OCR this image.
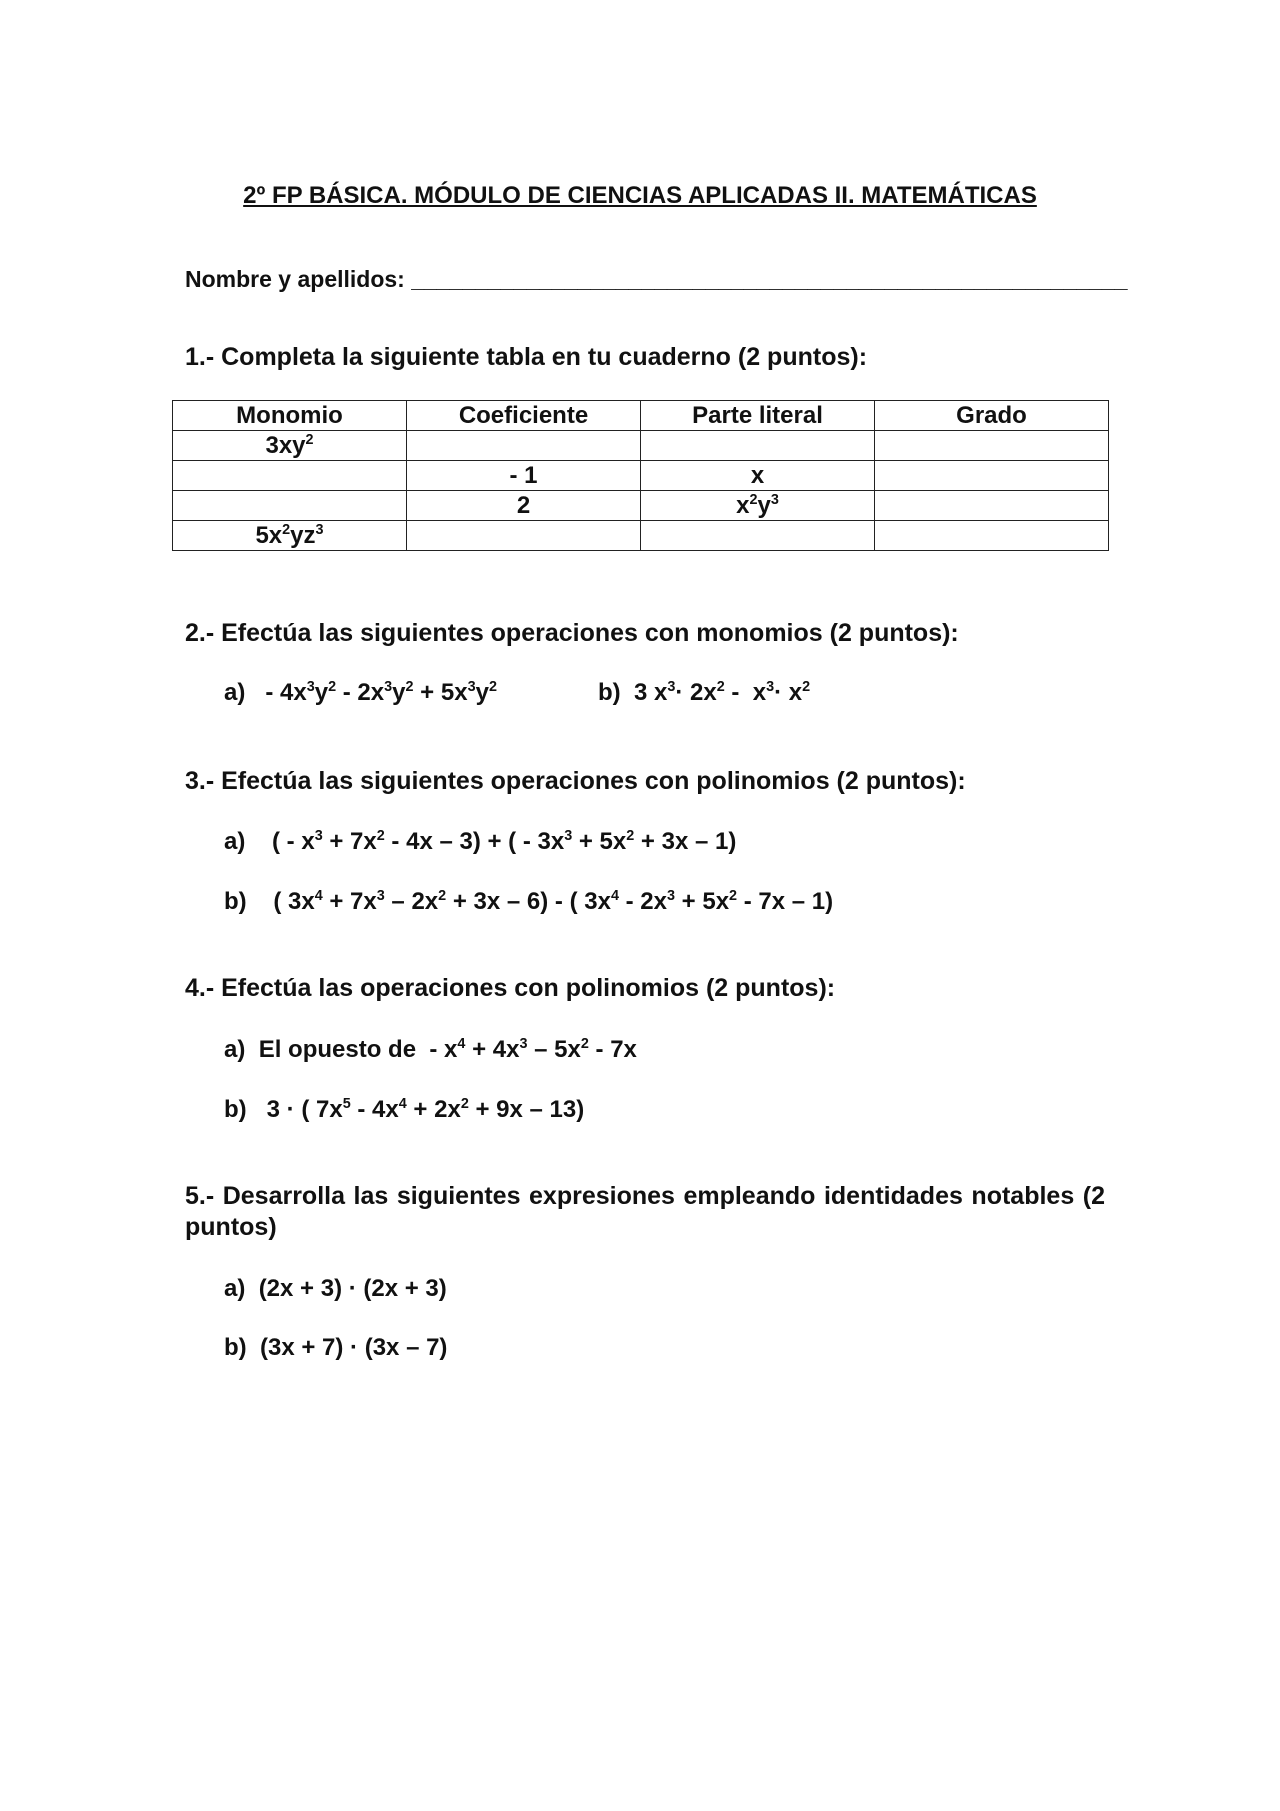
2º FP BÁSICA. MÓDULO DE CIENCIAS APLICADAS II. MATEMÁTICAS
Nombre y apellidos: ________________________________________________________
1.- Completa la siguiente tabla en tu cuaderno (2 puntos):
Monomio	Coeficiente	Parte literal	Grado
$3xy^2$			
	- 1	x	
	2	$x^2y^3$	
$5x^2yz^3$			
2.- Efectúa las siguientes operaciones con monomios (2 puntos):
$a) - 4x^3y^2 - 2x^3y^2 + 5x^3y^2$	b)  3 $x^3\cdot 2x^2 - x^3\cdot x^2$
3.- Efectúa las siguientes operaciones con polinomios (2 puntos):
a)    ( - $x^3 + 7x^2 - 4x - 3$) + ( - $3x^3 + 5x^2 + 3x - 1$)
b)    ( $3x^4 + 7x^3 - 2x^2 + 3x - 6$) - ( $3x^4 - 2x^3 + 5x^2 - 7x - 1$)
4.- Efectúa las operaciones con polinomios (2 puntos):
a) El opuesto de  - $x^4 + 4x^3 - 5x^2 - 7x$
b)   3 · ( $7x^5 - 4x^4 + 2x^2 + 9x - 13$)
5.- Desarrolla las siguientes expresiones empleando identidades notables (2 puntos)
a) (2x + 3) · (2x + 3)
b) (3x + 7) · (3x – 7)
